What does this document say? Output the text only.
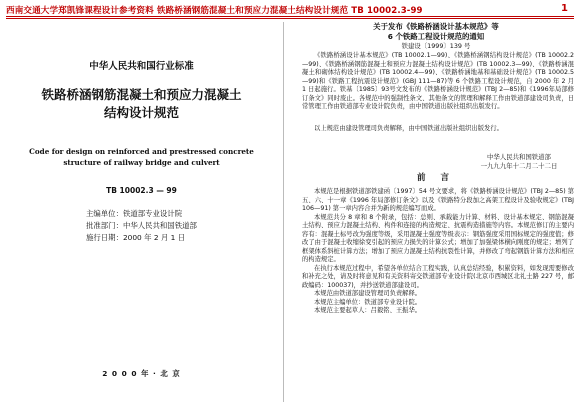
西南交通大学郑凯锋课程设计参考资料 铁路桥涵钢筋混凝土和预应力混凝土结构设计规范 TB 10002.3-99	1
中华人民共和国行业标准
铁路桥涵钢筋混凝土和预应力混凝土
结构设计规范
Code for design on reinforced and prestressed concrete
structure of railway bridge and culvert
TB 10002.3 — 99
主编单位：铁道部专业设计院
批准部门：中华人民共和国铁道部
施行日期：2000 年 2 月 1 日
2 0 0 0 年 · 北 京
关于发布《铁路桥涵设计基本规范》等
6 个铁路工程设计规范的通知
铁建设〔1999〕139 号
《铁路桥涵设计基本规范》(TB 10002.1—99)、《铁路桥涵钢结构设计规范》(TB 10002.2—99)、《铁路桥涵钢筋混凝土和预应力混凝土结构设计规范》(TB 10002.3—99)、《铁路桥涵混凝土和砌体结构设计规范》(TB 10002.4—99)、《铁路桥涵地基和基础设计规范》(TB 10002.5—99)和《铁路工程抗震设计规范》(GBJ 111—87)等 6 个铁路工程设计规范，自 2000 年 2 月 1 日起施行。铁基〔1985〕93号文发布的《铁路桥涵设计规范》(TBJ 2—85)和《1996年局部修订条文》同时废止。各规范中的强制性条文、其他条文的管理和解释工作由铁道部建设司负责，日常管理工作由铁道部专业设计院负责，由中国铁道出版社组织出版发行。
以上规范由建设管理司负责解释，由中国铁道出版社组织出版发行。
中华人民共和国铁道部
一九九九年十二月二十二日
前 言

本规范是根据铁道部铁建函〔1997〕54 号文要求，将《铁路桥涵设计规范》(TBJ 2—85) 第五、六、十一章《1996 年局部修订条文》以及《铁路特分段加之高架工程设计及验收规定》(TBJ 106—91) 第一章内容合并为新的规范编写而成。

本规范共分 8 章和 8 个附录，包括：总则、承载能力计算、材料、设计基本规定、钢筋混凝土结构、预应力混凝土结构、构件和连接的构造规定、抗震构造措施等内容。本规范修订的主要内容有：混凝土标号改为强度等级，采用混凝土强度等级表示：钢筋强度采用国标规定的强度值；修改了由于混凝土收缩徐变引起的预应力损失的计算公式；增加了加强梁体横向刚度的规定；增列了框架体系斜桩计算方法；增加了预应力混凝土结构抗裂性计算，并修改了弯起钢筋计算方法和相应的构造规定。

在执行本规范过程中，希望各单位结合工程实践，认真总结经验，积累资料，如发现需要修改和补充之处，请及时将意见和有关资料寄交铁道部专业设计院(北京市西城区北礼士路 227 号，邮政编码：100037)，并抄送铁道部建设司。

本规范由铁道部建设管理司负责解释。

本规范主编单位：铁道部专业设计院。

本规范主要起草人：吕毅铭、王振华。
